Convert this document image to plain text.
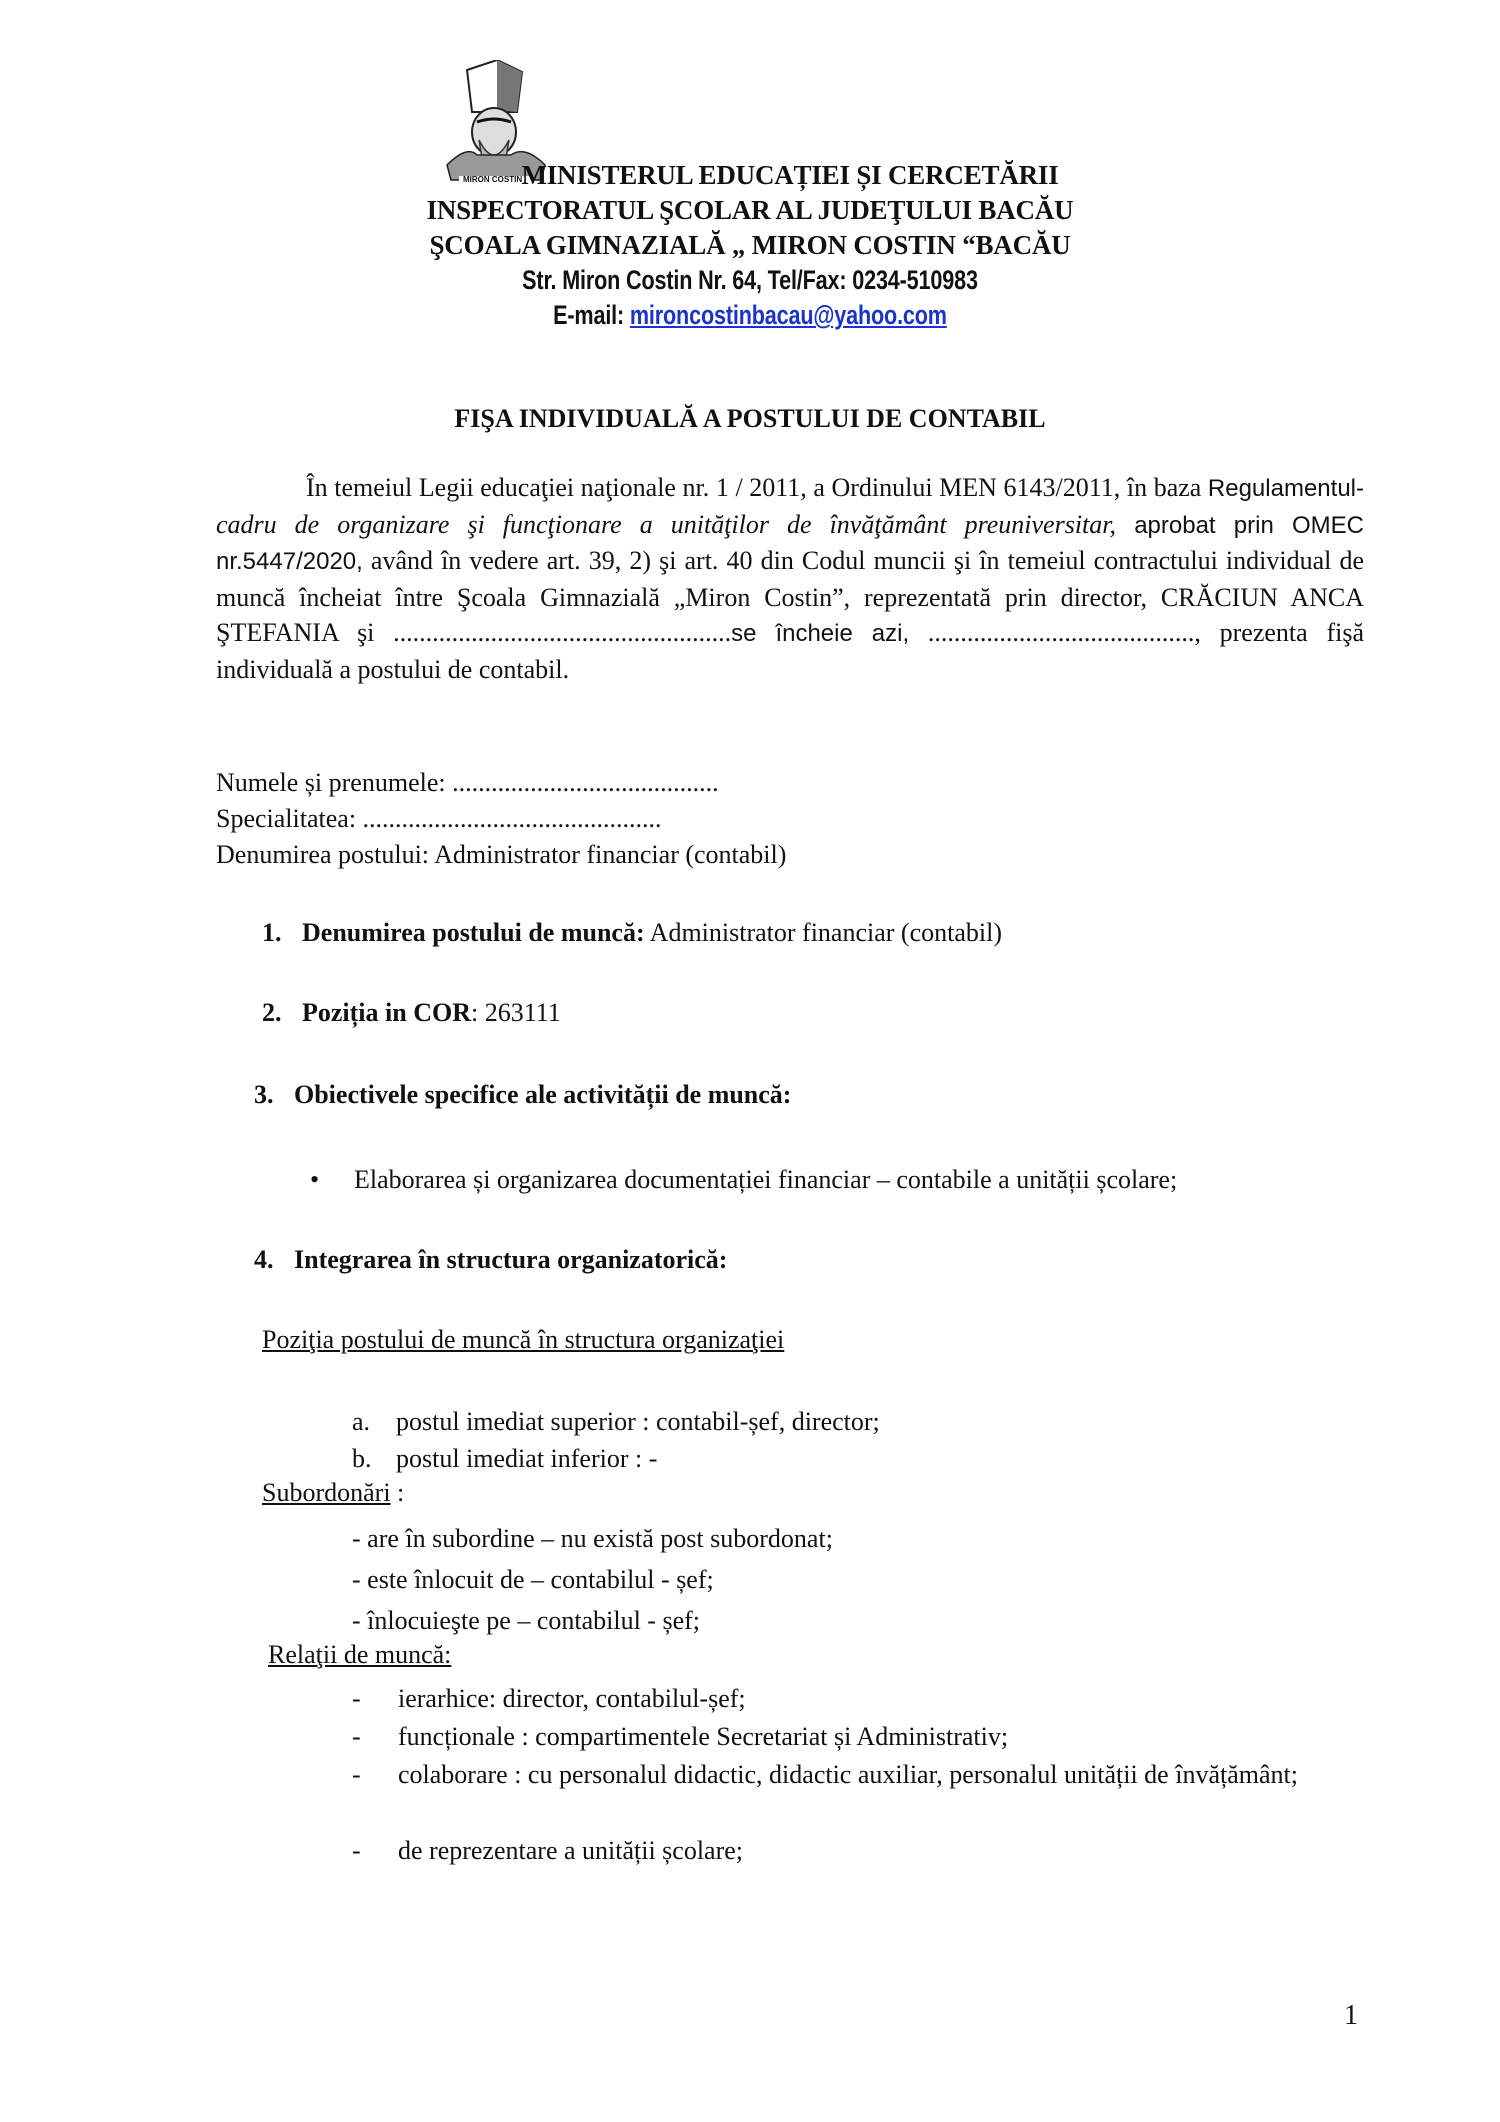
MIRON COSTIN MINISTERUL EDUCAȚIEI ȘI CERCETĂRII
INSPECTORATUL ŞCOLAR AL JUDEŢULUI BACĂU
ŞCOALA GIMNAZIALĂ „ MIRON COSTIN “BACĂU
Str. Miron Costin Nr. 64, Tel/Fax: 0234-510983
E-mail: mironcostinbacau@yahoo.com
FIŞA INDIVIDUALĂ A POSTULUI DE CONTABIL
În temeiul Legii educaţiei naţionale nr. 1 / 2011, a Ordinului MEN 6143/2011, în baza Regulamentul-cadru de organizare şi funcţionare a unităţilor de învăţământ preuniversitar, aprobat prin OMEC nr.5447/2020, având în vedere art. 39, 2) şi art. 40 din Codul muncii şi în temeiul contractului individual de muncă încheiat între Şcoala Gimnazială „Miron Costin”, reprezentată prin director, CRĂCIUN ANCA ŞTEFANIA şi ....................................................se încheie azi, ........................................., prezenta fişă individuală a postului de contabil.
Numele și prenumele: .........................................
Specialitatea: ..............................................
Denumirea postului: Administrator financiar (contabil)
1. Denumirea postului de muncă: Administrator financiar (contabil)
2. Poziția in COR: 263111
3. Obiectivele specifice ale activității de muncă:
• Elaborarea și organizarea documentației financiar – contabile a unității școlare;
4. Integrarea în structura organizatorică:
Poziţia postului de muncă în structura organizaţiei
a. postul imediat superior : contabil-șef, director;
b. postul imediat inferior : -
Subordonări :
- are în subordine – nu există post subordonat;
- este înlocuit de – contabilul - șef;
- înlocuieşte pe – contabilul - șef;
Relaţii de muncă:
- ierarhice: director, contabilul-șef;
- funcționale : compartimentele Secretariat și Administrativ;
- colaborare : cu personalul didactic, didactic auxiliar, personalul unității de învățământ;
- de reprezentare a unității școlare;
1
